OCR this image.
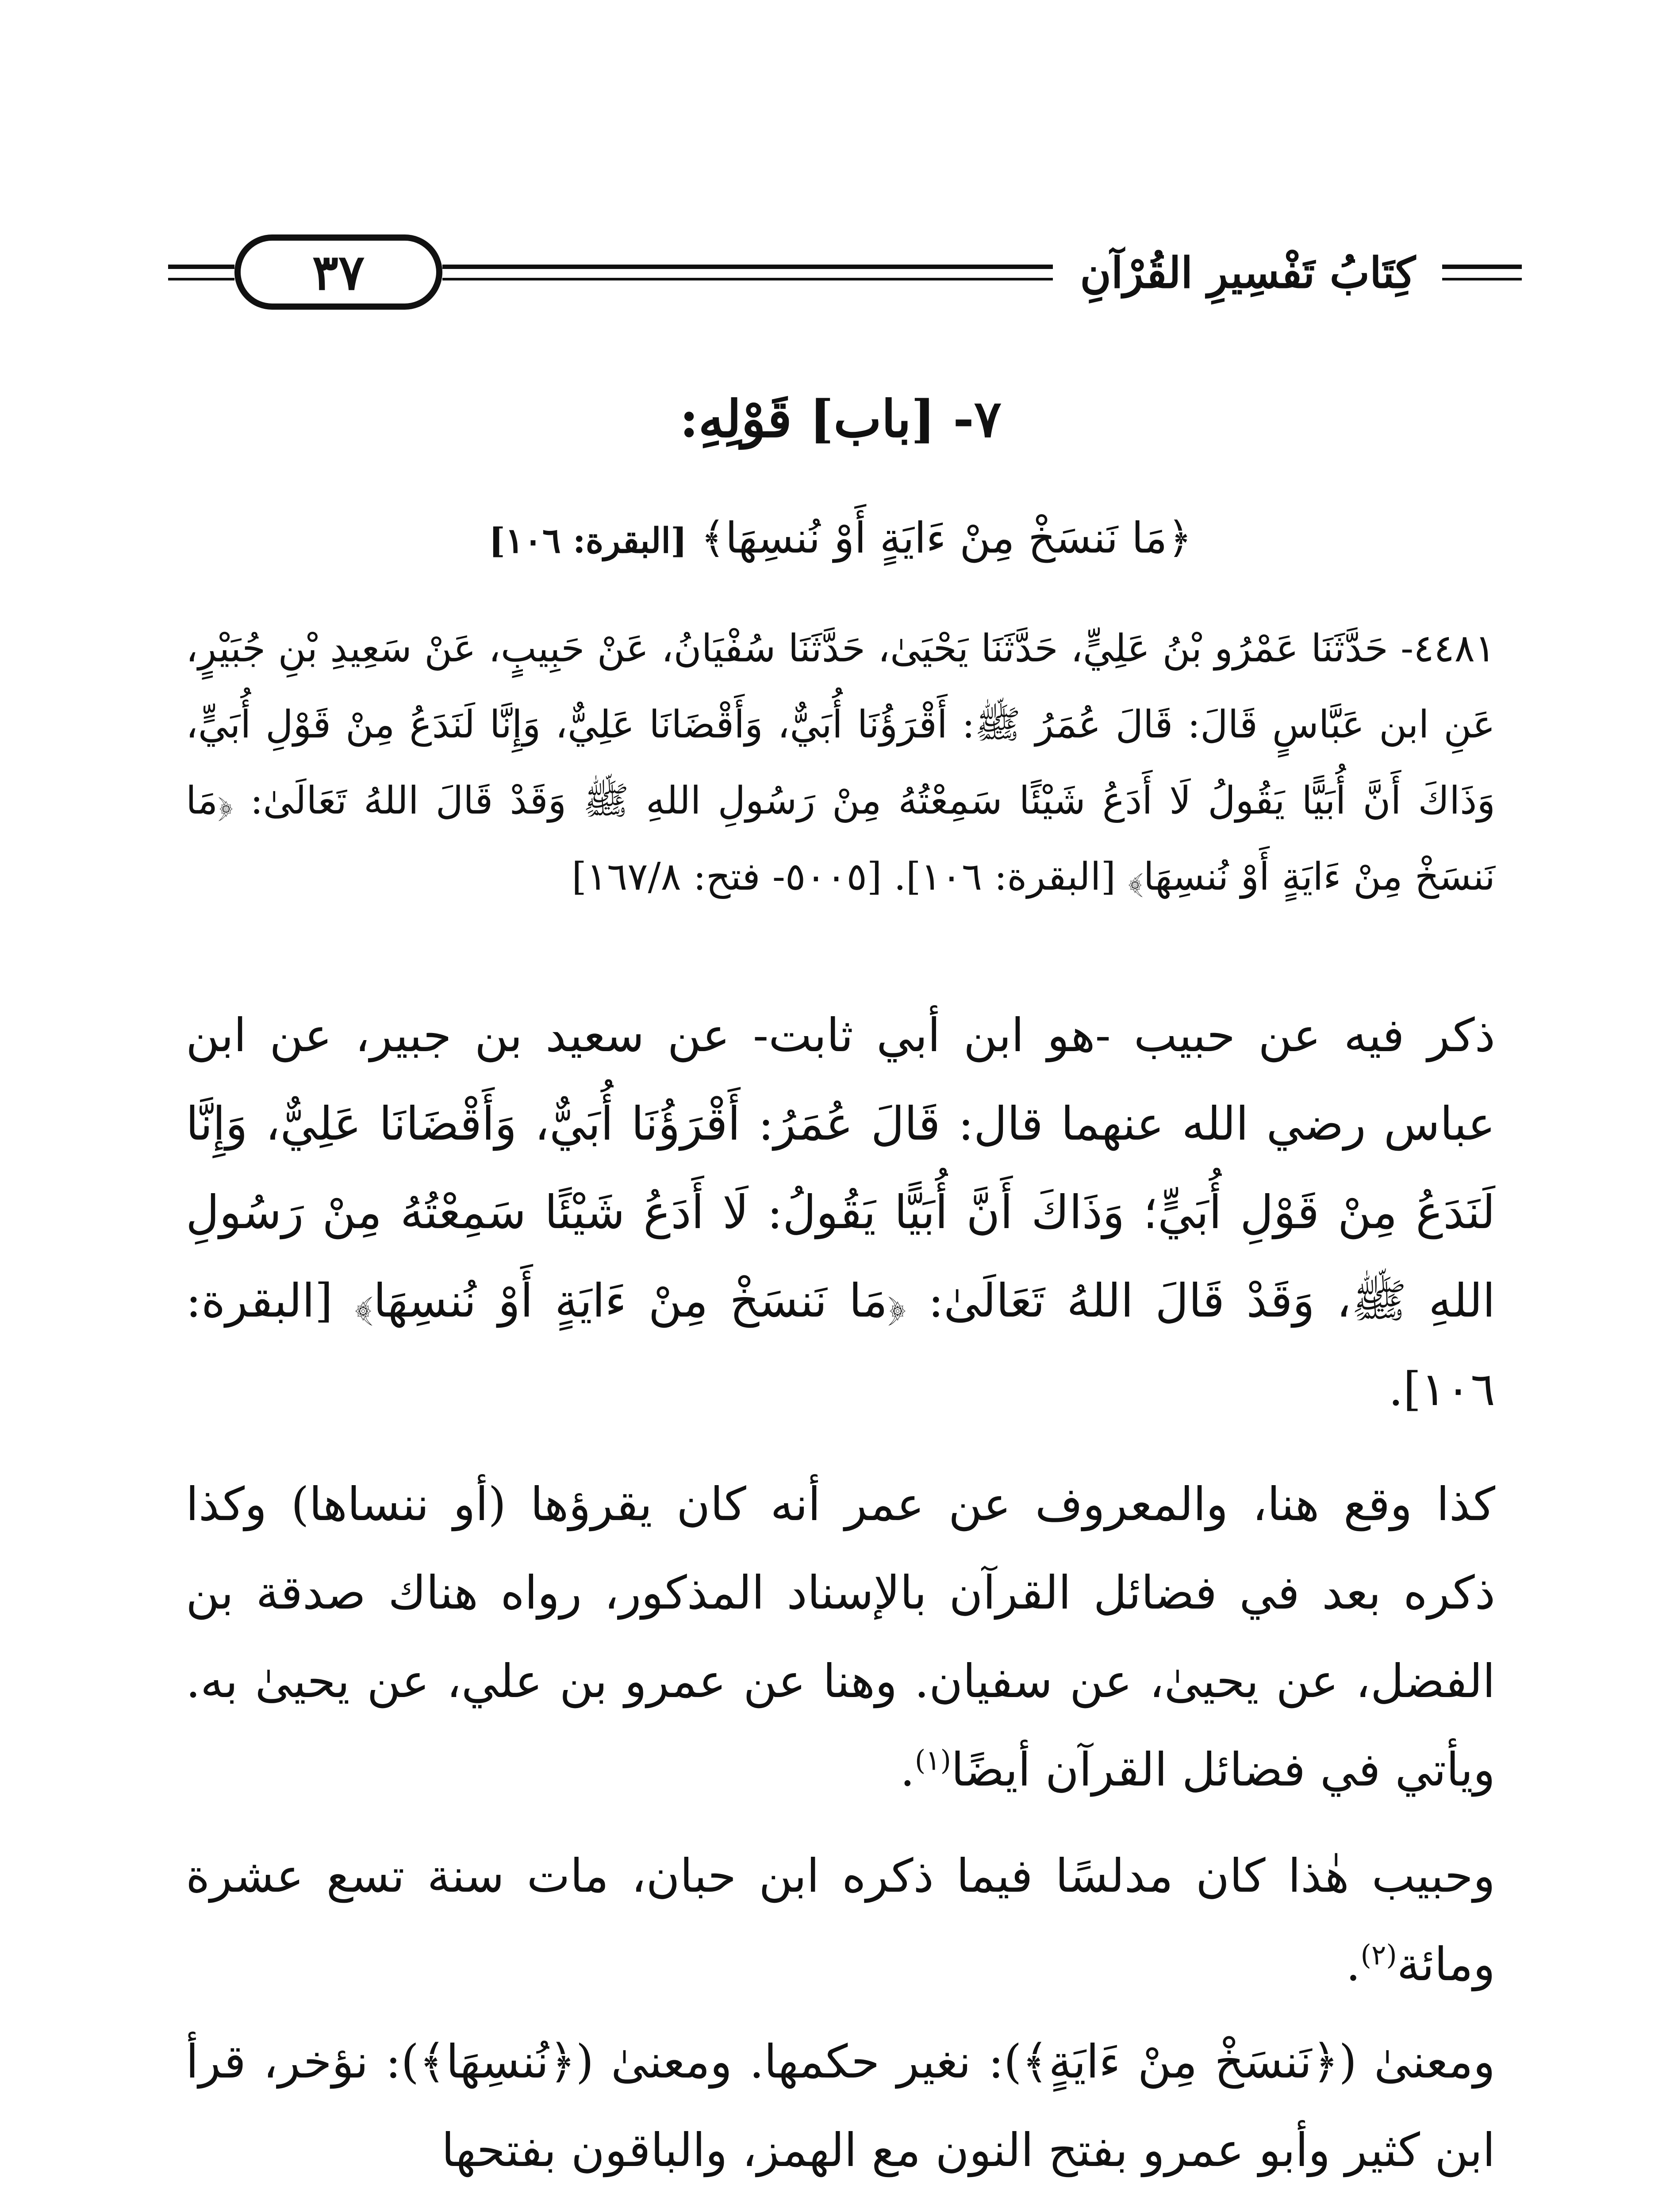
كِتَابُ تَفْسِيرِ القُرْآنِ
٣٧
٧- [باب] قَوْلِهِ:
﴿مَا نَنسَخْ مِنْ ءَايَةٍ أَوْ نُنسِهَا﴾ [البقرة: ١٠٦]
٤٤٨١- حَدَّثَنَا عَمْرُو بْنُ عَلِيٍّ، حَدَّثَنَا يَحْيَىٰ، حَدَّثَنَا سُفْيَانُ، عَنْ حَبِيبٍ، عَنْ سَعِيدِ بْنِ جُبَيْرٍ، عَنِ ابن عَبَّاسٍ قَالَ: قَالَ عُمَرُ ﷺ: أَقْرَؤُنَا أُبَيٌّ، وَأَقْضَانَا عَلِيٌّ، وَإِنَّا لَنَدَعُ مِنْ قَوْلِ أُبَيٍّ، وَذَاكَ أَنَّ أُبَيًّا يَقُولُ لَا أَدَعُ شَيْئًا سَمِعْتُهُ مِنْ رَسُولِ اللهِ ﷺ وَقَدْ قَالَ اللهُ تَعَالَىٰ: ﴿مَا نَنسَخْ مِنْ ءَايَةٍ أَوْ نُنسِهَا﴾ [البقرة: ١٠٦]. [٥٠٠٥- فتح: ١٦٧/٨]
ذكر فيه عن حبيب -هو ابن أبي ثابت- عن سعيد بن جبير، عن ابن عباس رضي الله عنهما قال: قَالَ عُمَرُ: أَقْرَؤُنَا أُبَيٌّ، وَأَقْضَانَا عَلِيٌّ، وَإِنَّا لَنَدَعُ مِنْ قَوْلِ أُبَيٍّ؛ وَذَاكَ أَنَّ أُبَيًّا يَقُولُ: لَا أَدَعُ شَيْئًا سَمِعْتُهُ مِنْ رَسُولِ اللهِ ﷺ، وَقَدْ قَالَ اللهُ تَعَالَىٰ: ﴿مَا نَنسَخْ مِنْ ءَايَةٍ أَوْ نُنسِهَا﴾ [البقرة: ١٠٦].
كذا وقع هنا، والمعروف عن عمر أنه كان يقرؤها (أو ننساها) وكذا ذكره بعد في فضائل القرآن بالإسناد المذكور، رواه هناك صدقة بن الفضل، عن يحيىٰ، عن سفيان. وهنا عن عمرو بن علي، عن يحيىٰ به. ويأتي في فضائل القرآن أيضًا$^{(١)}$.
وحبيب هٰذا كان مدلسًا فيما ذكره ابن حبان، مات سنة تسع عشرة ومائة$^{(٢)}$.
ومعنىٰ (﴿نَنسَخْ مِنْ ءَايَةٍ﴾): نغير حكمها. ومعنىٰ (﴿نُنسِهَا﴾): نؤخر، قرأ ابن كثير وأبو عمرو بفتح النون مع الهمز، والباقون بفتحها
